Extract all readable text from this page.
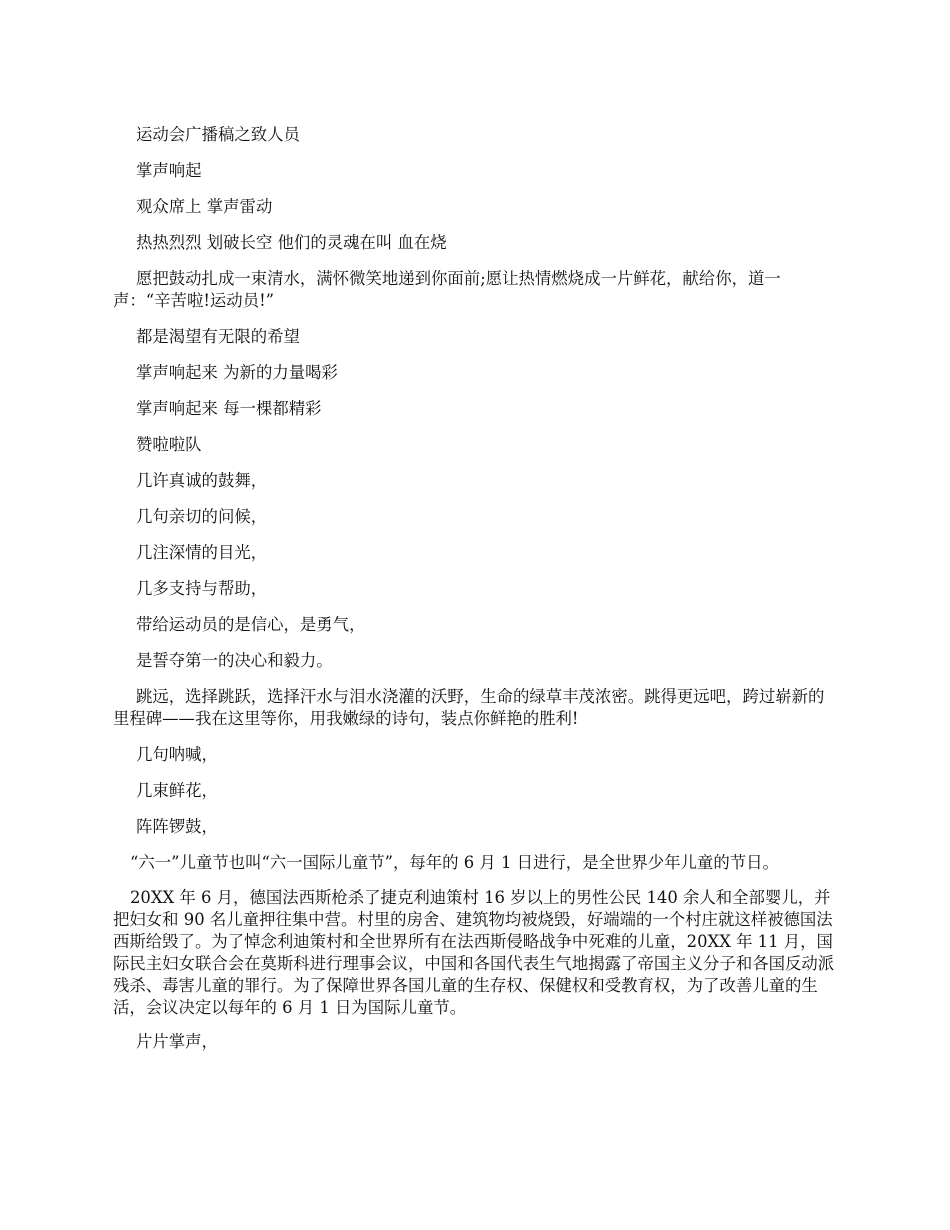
运动会广播稿之致人员

掌声响起

观众席上 掌声雷动

热热烈烈 划破长空 他们的灵魂在叫 血在烧

愿把鼓动扎成一束清水，满怀微笑地递到你面前;愿让热情燃烧成一片鲜花，献给你，道一声：“辛苦啦!运动员!”

都是渴望有无限的希望

掌声响起来 为新的力量喝彩

掌声响起来 每一棵都精彩

赞啦啦队

几许真诚的鼓舞，

几句亲切的问候，

几注深情的目光，

几多支持与帮助，

带给运动员的是信心，是勇气，

是誓夺第一的决心和毅力。

跳远，选择跳跃，选择汗水与泪水浇灌的沃野，生命的绿草丰茂浓密。跳得更远吧，跨过崭新的里程碑——我在这里等你，用我嫩绿的诗句，装点你鲜艳的胜利!

几句呐喊，

几束鲜花，

阵阵锣鼓，

“六一”儿童节也叫“六一国际儿童节”，每年的 6 月 1 日进行，是全世界少年儿童的节日。

20XX 年 6 月，德国法西斯枪杀了捷克利迪策村 16 岁以上的男性公民 140 余人和全部婴儿，并把妇女和 90 名儿童押往集中营。村里的房舍、建筑物均被烧毁，好端端的一个村庄就这样被德国法西斯给毁了。为了悼念利迪策村和全世界所有在法西斯侵略战争中死难的儿童，20XX 年 11 月，国际民主妇女联合会在莫斯科进行理事会议，中国和各国代表生气地揭露了帝国主义分子和各国反动派残杀、毒害儿童的罪行。为了保障世界各国儿童的生存权、保健权和受教育权，为了改善儿童的生活，会议决定以每年的 6 月 1 日为国际儿童节。

片片掌声，
